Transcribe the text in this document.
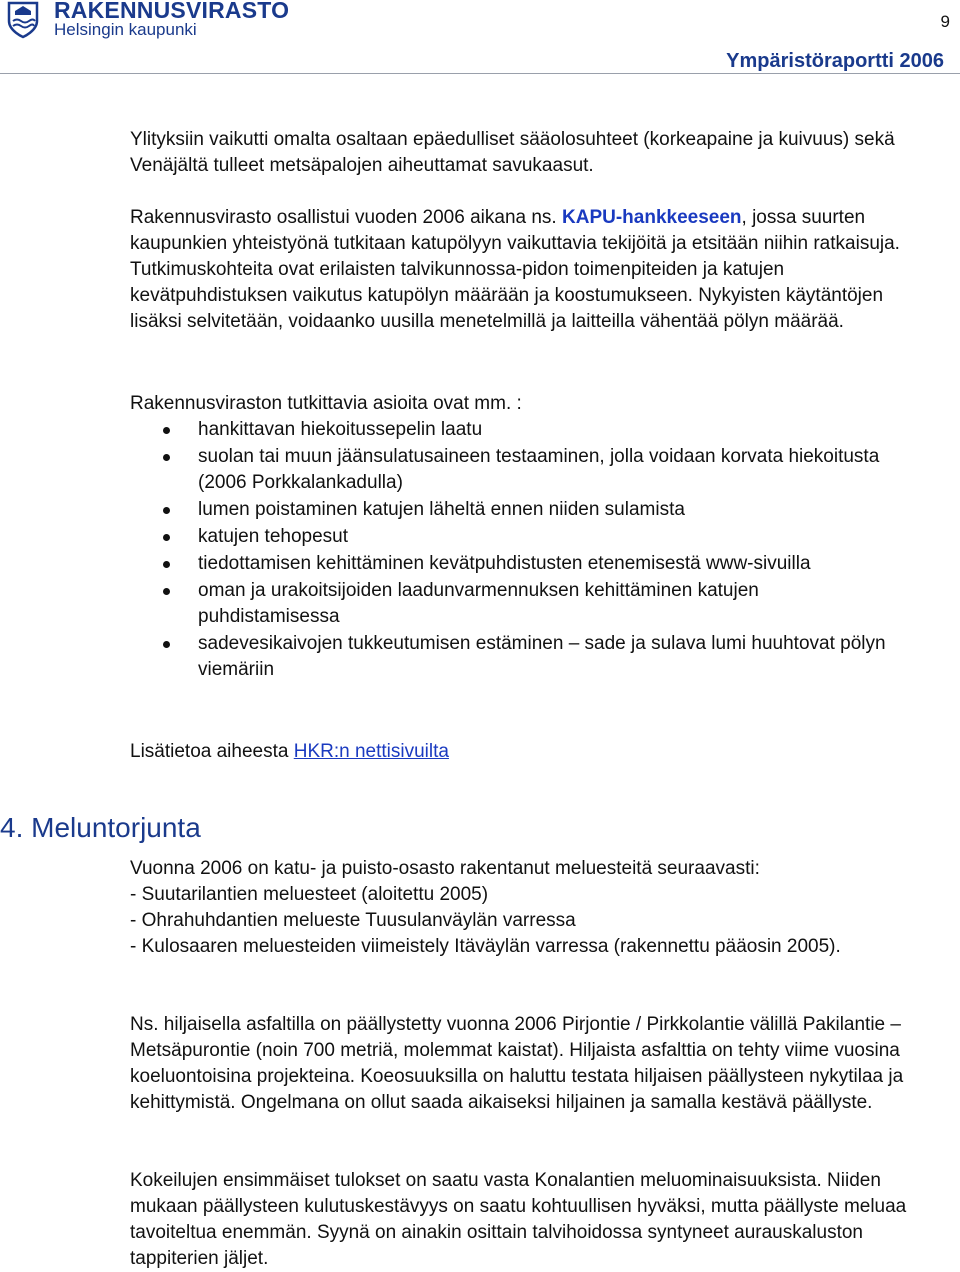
RAKENNUSVIRASTO
Helsingin kaupunki	9
Ympäristöraportti 2006

Ylityksiin vaikutti omalta osaltaan epäedulliset sääolosuhteet (korkeapaine ja kuivuus) sekä Venäjältä tulleet metsäpalojen aiheuttamat savukaasut.

Rakennusvirasto osallistui vuoden 2006 aikana ns. KAPU-hankkeeseen, jossa suurten kaupunkien yhteistyönä tutkitaan katupölyyn vaikuttavia tekijöitä ja etsitään niihin ratkaisuja. Tutkimuskohteita ovat erilaisten talvikunnossa-pidon toimenpiteiden ja katujen kevätpuhdistuksen vaikutus katupölyn määrään ja koostumukseen. Nykyisten käytäntöjen lisäksi selvitetään, voidaanko uusilla menetelmillä ja laitteilla vähentää pölyn määrää.

Rakennusviraston tutkittavia asioita ovat mm. :

hankittavan hiekoitussepelin laatu
suolan tai muun jäänsulatusaineen testaaminen, jolla voidaan korvata hiekoitusta (2006 Porkkalankadulla)
lumen poistaminen katujen läheltä ennen niiden sulamista
katujen tehopesut
tiedottamisen kehittäminen kevätpuhdistusten etenemisestä www-sivuilla
oman ja urakoitsijoiden laadunvarmennuksen kehittäminen katujen puhdistamisessa
sadevesikaivojen tukkeutumisen estäminen – sade ja sulava lumi huuhtovat pölyn viemäriin

Lisätietoa aiheesta HKR:n nettisivuilta

4. Meluntorjunta

Vuonna 2006 on katu- ja puisto-osasto rakentanut meluesteitä seuraavasti:
- Suutarilantien meluesteet (aloitettu 2005)
- Ohrahuhdantien melueste Tuusulanväylän varressa
- Kulosaaren meluesteiden viimeistely Itäväylän varressa (rakennettu pääosin 2005).

Ns. hiljaisella asfaltilla on päällystetty vuonna 2006 Pirjontie / Pirkkolantie välillä Pakilantie – Metsäpurontie (noin 700 metriä, molemmat kaistat). Hiljaista asfalttia on tehty viime vuosina koeluontoisina projekteina. Koeosuuksilla on haluttu testata hiljaisen päällysteen nykytilaa ja kehittymistä. Ongelmana on ollut saada aikaiseksi hiljainen ja samalla kestävä päällyste.

Kokeilujen ensimmäiset tulokset on saatu vasta Konalantien meluominaisuuksista. Niiden mukaan päällysteen kulutuskestävyys on saatu kohtuullisen hyväksi, mutta päällyste meluaa tavoiteltua enemmän. Syynä on ainakin osittain talvihoidossa syntyneet aurauskaluston tappiterien jäljet.
